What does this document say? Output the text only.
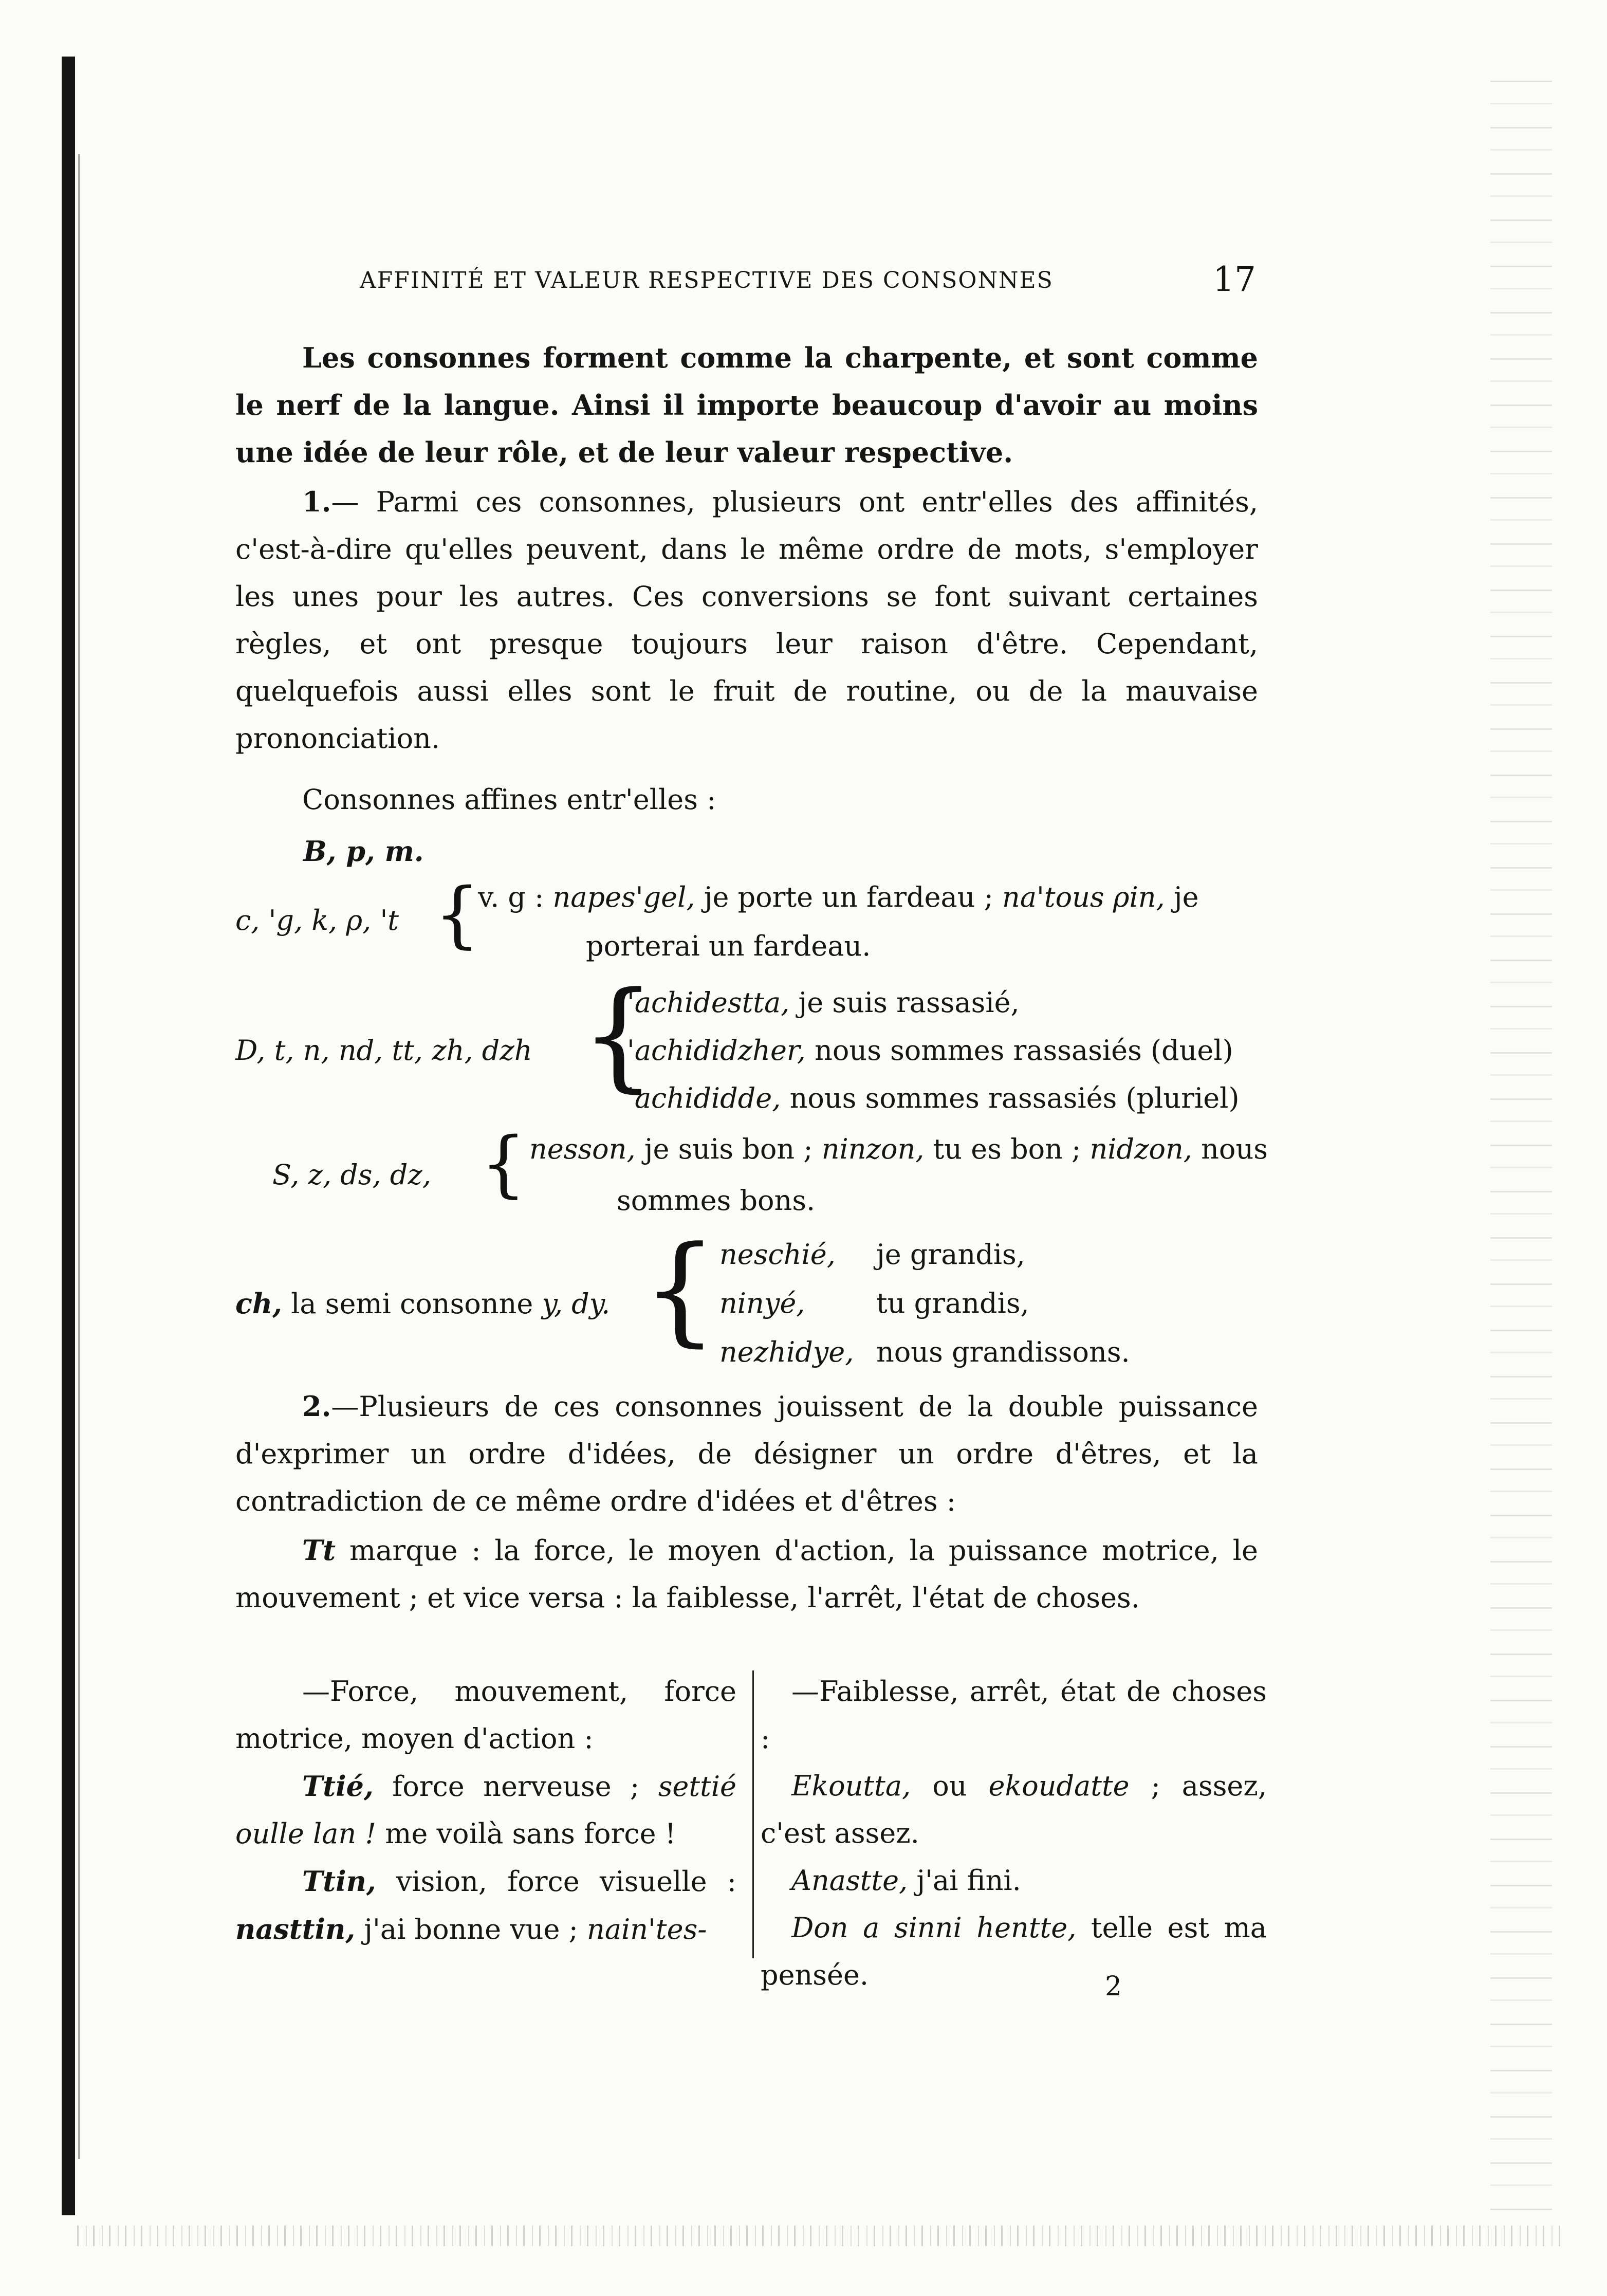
AFFINITÉ ET VALEUR RESPECTIVE DES CONSONNES	17

Les consonnes forment comme la charpente, et sont comme le nerf de la langue. Ainsi il importe beaucoup d'avoir au moins une idée de leur rôle, et de leur valeur respective.

1.— Parmi ces consonnes, plusieurs ont entr'elles des affinités, c'est-à-dire qu'elles peuvent, dans le même ordre de mots, s'employer les unes pour les autres. Ces conversions se font suivant certaines règles, et ont presque toujours leur raison d'être. Cependant, quelquefois aussi elles sont le fruit de routine, ou de la mauvaise prononciation.

Consonnes affines entr'elles :
B, p, m.
c, 'g, k, ρ, 't {
v. g : napes'gel, je porte un fardeau ; na'tous ρin, je
porterai un fardeau.
D, t, n, nd, tt, zh, dzh {
'achidestta, je suis rassasié,
'achididzher, nous sommes rassasiés (duel)
'achididde, nous sommes rassasiés (pluriel)
S, z, ds, dz, { nesson, je suis bon ; ninzon, tu es bon ; nidzon, nous
sommes bons.
ch, la semi consonne y, dy. { neschié, je grandis,
ninyé,	tu grandis,
nezhidye, nous grandissons.

2.—Plusieurs de ces consonnes jouissent de la double puissance d'exprimer un ordre d'idées, de désigner un ordre d'êtres, et la contradiction de ce même ordre d'idées et d'êtres :

Tt marque : la force, le moyen d'action, la puissance motrice, le mouvement ; et vice versa : la faiblesse, l'arrêt, l'état de choses.

—Force, mouvement, force motrice, moyen d'action :

Ttié, force nerveuse ; settié oulle lan ! me voilà sans force !

Ttin, vision, force visuelle : nasttin, j'ai bonne vue ; nain'tes-

—Faiblesse, arrêt, état de choses :

Ekoutta, ou ekoudatte ; assez, c'est assez.

Anastte, j'ai fini.

Don a sinni hentte, telle est ma pensée.	2
